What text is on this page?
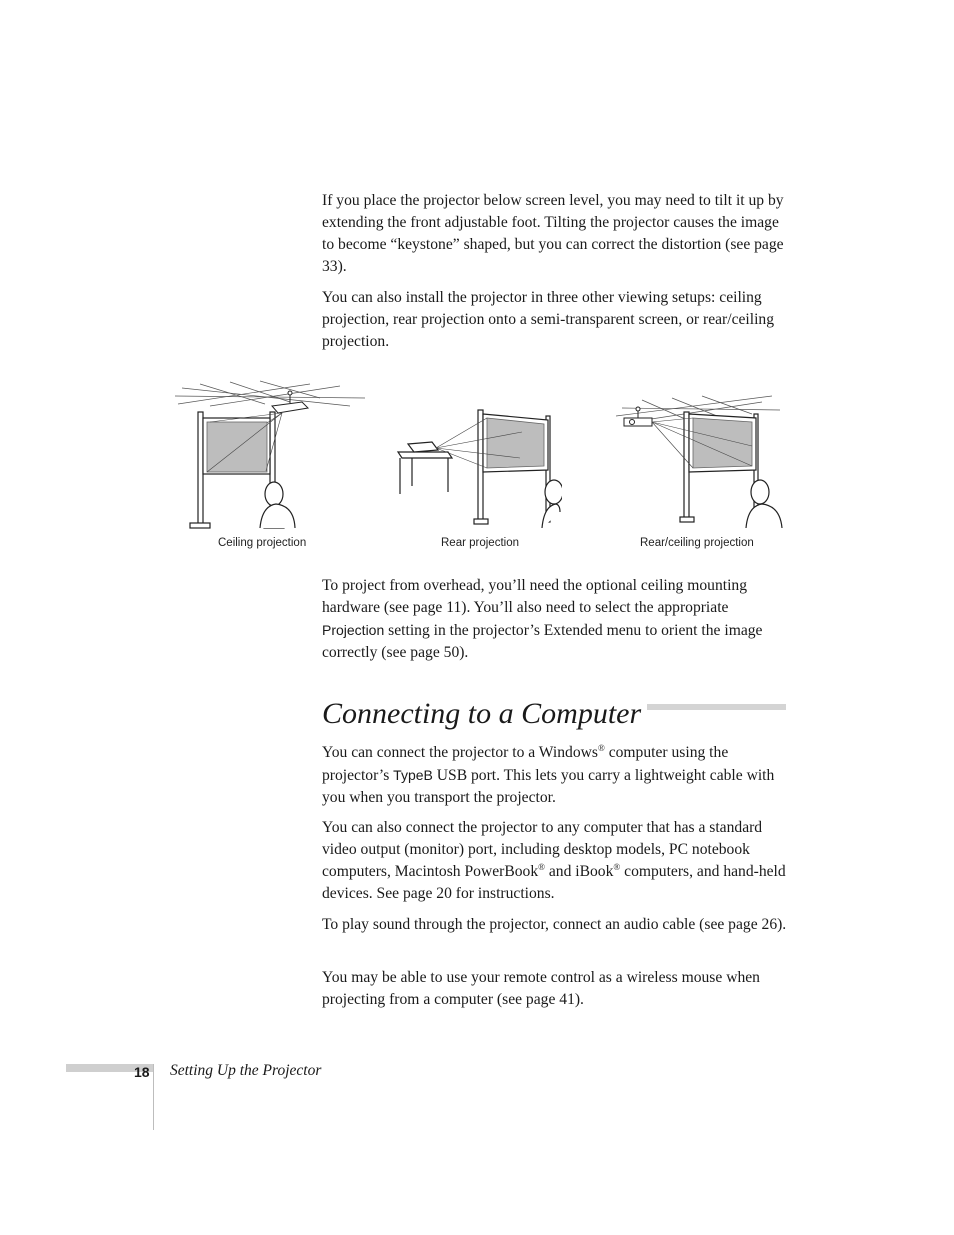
If you place the projector below screen level, you may need to tilt it up by extending the front adjustable foot. Tilting the projector causes the image to become “keystone” shaped, but you can correct the distortion (see page 33).

You can also install the projector in three other viewing setups: ceiling projection, rear projection onto a semi-transparent screen, or rear/ceiling projection.

Ceiling projection	Rear projection	Rear/ceiling projection

To project from overhead, you’ll need the optional ceiling mounting hardware (see page 11). You’ll also need to select the appropriate Projection setting in the projector’s Extended menu to orient the image correctly (see page 50).

Connecting to a Computer

You can connect the projector to a Windows® computer using the projector’s TypeB USB port. This lets you carry a lightweight cable with you when you transport the projector.

You can also connect the projector to any computer that has a standard video output (monitor) port, including desktop models, PC notebook computers, Macintosh PowerBook® and iBook® computers, and hand-held devices. See page 20 for instructions.

To play sound through the projector, connect an audio cable (see page 26).

You may be able to use your remote control as a wireless mouse when projecting from a computer (see page 41).

18 Setting Up the Projector
